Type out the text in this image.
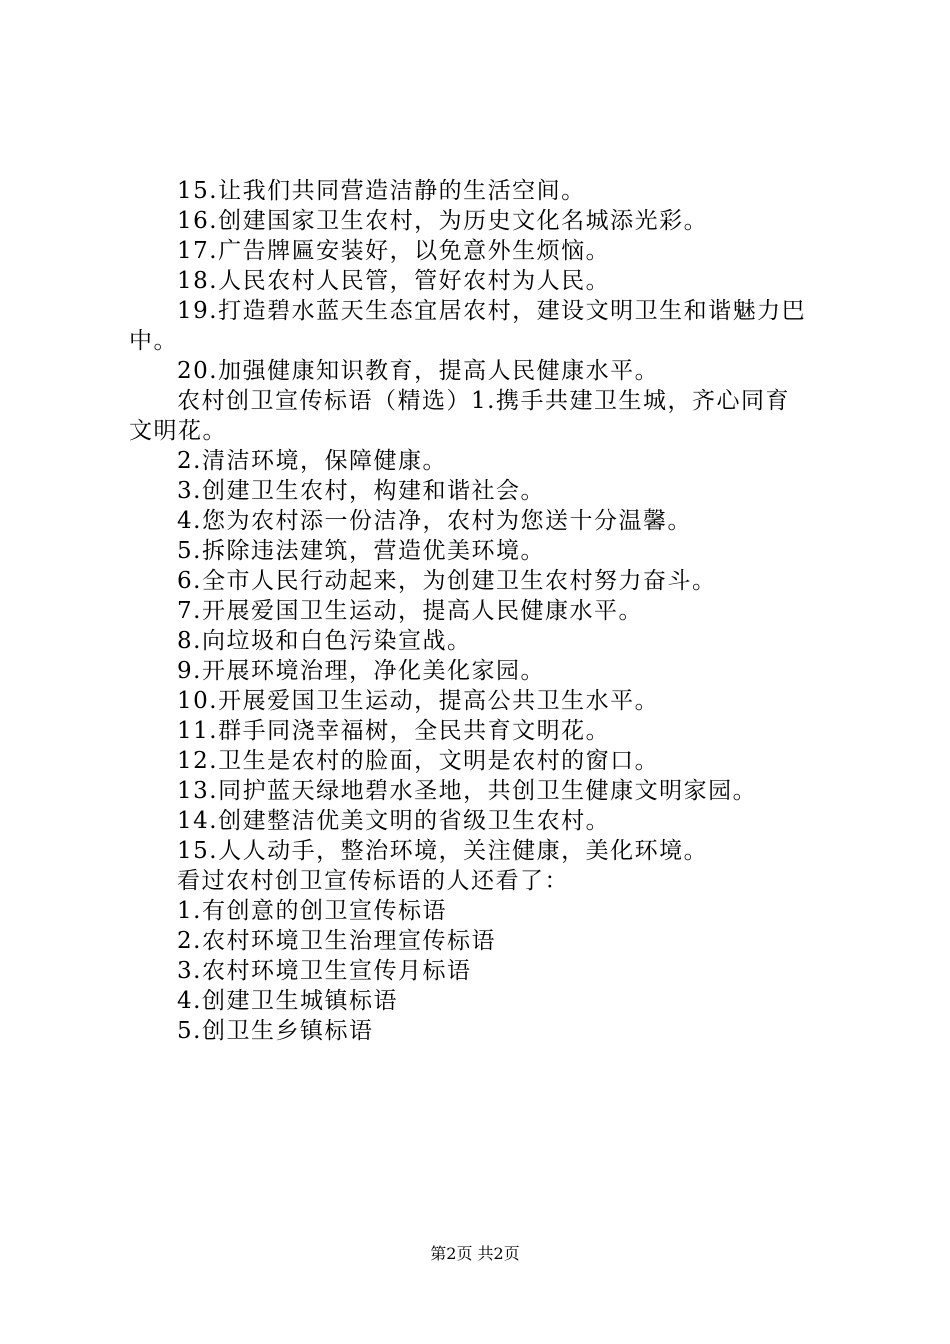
15.让我们共同营造洁静的生活空间。
16.创建国家卫生农村，为历史文化名城添光彩。
17.广告牌匾安装好，以免意外生烦恼。
18.人民农村人民管，管好农村为人民。
19.打造碧水蓝天生态宜居农村，建设文明卫生和谐魅力巴
中。
20.加强健康知识教育，提高人民健康水平。
农村创卫宣传标语（精选）1.携手共建卫生城，齐心同育
文明花。
2.清洁环境，保障健康。
3.创建卫生农村，构建和谐社会。
4.您为农村添一份洁净，农村为您送十分温馨。
5.拆除违法建筑，营造优美环境。
6.全市人民行动起来，为创建卫生农村努力奋斗。
7.开展爱国卫生运动，提高人民健康水平。
8.向垃圾和白色污染宣战。
9.开展环境治理，净化美化家园。
10.开展爱国卫生运动，提高公共卫生水平。
11.群手同浇幸福树，全民共育文明花。
12.卫生是农村的脸面，文明是农村的窗口。
13.同护蓝天绿地碧水圣地，共创卫生健康文明家园。
14.创建整洁优美文明的省级卫生农村。
15.人人动手，整治环境，关注健康，美化环境。
看过农村创卫宣传标语的人还看了：
1.有创意的创卫宣传标语
2.农村环境卫生治理宣传标语
3.农村环境卫生宣传月标语
4.创建卫生城镇标语
5.创卫生乡镇标语
第2页 共2页
